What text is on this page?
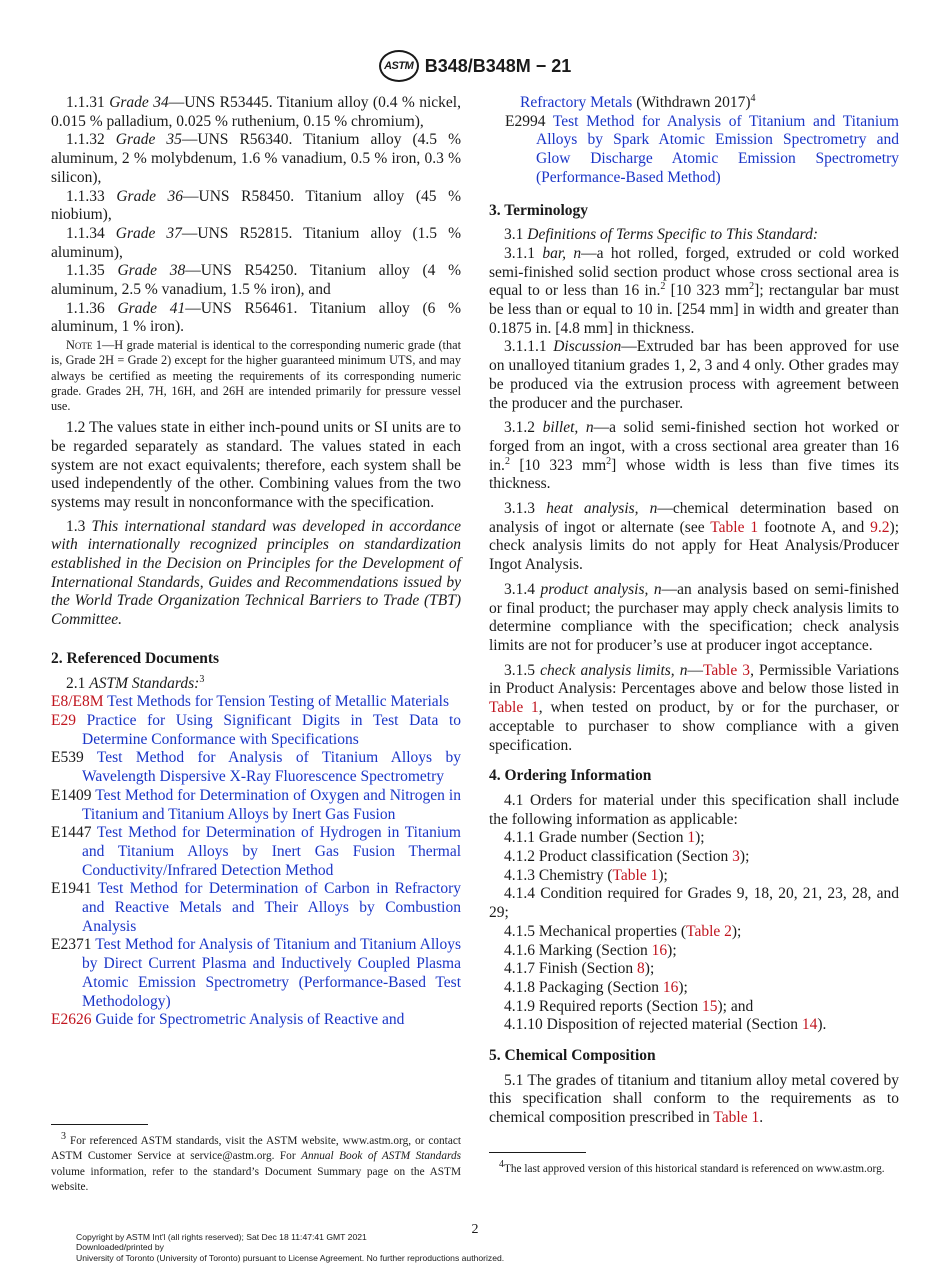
ASTM B348/B348M − 21

1.1.31 Grade 34—UNS R53445. Titanium alloy (0.4 % nickel, 0.015 % palladium, 0.025 % ruthenium, 0.15 % chromium),

1.1.32 Grade 35—UNS R56340. Titanium alloy (4.5 % aluminum, 2 % molybdenum, 1.6 % vanadium, 0.5 % iron, 0.3 % silicon),

1.1.33 Grade 36—UNS R58450. Titanium alloy (45 % niobium),

1.1.34 Grade 37—UNS R52815. Titanium alloy (1.5 % aluminum),

1.1.35 Grade 38—UNS R54250. Titanium alloy (4 % aluminum, 2.5 % vanadium, 1.5 % iron), and

1.1.36 Grade 41—UNS R56461. Titanium alloy (6 % aluminum, 1 % iron).

Note 1—H grade material is identical to the corresponding numeric grade (that is, Grade 2H = Grade 2) except for the higher guaranteed minimum UTS, and may always be certified as meeting the requirements of its corresponding numeric grade. Grades 2H, 7H, 16H, and 26H are intended primarily for pressure vessel use.

1.2 The values state in either inch-pound units or SI units are to be regarded separately as standard. The values stated in each system are not exact equivalents; therefore, each system shall be used independently of the other. Combining values from the two systems may result in nonconformance with the specification.

1.3 This international standard was developed in accordance with internationally recognized principles on standardization established in the Decision on Principles for the Development of International Standards, Guides and Recommendations issued by the World Trade Organization Technical Barriers to Trade (TBT) Committee.

2. Referenced Documents

2.1 ASTM Standards:$^3$

E8/E8M Test Methods for Tension Testing of Metallic Materials

E29 Practice for Using Significant Digits in Test Data to Determine Conformance with Specifications

E539 Test Method for Analysis of Titanium Alloys by Wavelength Dispersive X-Ray Fluorescence Spectrometry

E1409 Test Method for Determination of Oxygen and Nitrogen in Titanium and Titanium Alloys by Inert Gas Fusion

E1447 Test Method for Determination of Hydrogen in Titanium and Titanium Alloys by Inert Gas Fusion Thermal Conductivity/Infrared Detection Method

E1941 Test Method for Determination of Carbon in Refractory and Reactive Metals and Their Alloys by Combustion Analysis

E2371 Test Method for Analysis of Titanium and Titanium Alloys by Direct Current Plasma and Inductively Coupled Plasma Atomic Emission Spectrometry (Performance-Based Test Methodology)

E2626 Guide for Spectrometric Analysis of Reactive and

$^3$ For referenced ASTM standards, visit the ASTM website, www.astm.org, or contact ASTM Customer Service at service@astm.org. For Annual Book of ASTM Standards volume information, refer to the standard’s Document Summary page on the ASTM website.

Refractory Metals (Withdrawn 2017)$^4$

E2994 Test Method for Analysis of Titanium and Titanium Alloys by Spark Atomic Emission Spectrometry and Glow Discharge Atomic Emission Spectrometry (Performance-Based Method)

3. Terminology

3.1 Definitions of Terms Specific to This Standard:

3.1.1 bar, n—a hot rolled, forged, extruded or cold worked semi-finished solid section product whose cross sectional area is equal to or less than 16 in.$^2$ [10 323 $mm^2$]; rectangular bar must be less than or equal to 10 in. [254 mm] in width and greater than 0.1875 in. [4.8 mm] in thickness.

3.1.1.1 Discussion—Extruded bar has been approved for use on unalloyed titanium grades 1, 2, 3 and 4 only. Other grades may be produced via the extrusion process with agreement between the producer and the purchaser.

3.1.2 billet, n—a solid semi-finished section hot worked or forged from an ingot, with a cross sectional area greater than 16 in.$^2$ [10 323 $mm^2$] whose width is less than five times its thickness.

3.1.3 heat analysis, n—chemical determination based on analysis of ingot or alternate (see Table 1 footnote A, and 9.2); check analysis limits do not apply for Heat Analysis/Producer Ingot Analysis.

3.1.4 product analysis, n—an analysis based on semi-finished or final product; the purchaser may apply check analysis limits to determine compliance with the specification; check analysis limits are not for producer’s use at producer ingot acceptance.

3.1.5 check analysis limits, n—Table 3, Permissible Variations in Product Analysis: Percentages above and below those listed in Table 1, when tested on product, by or for the purchaser, or acceptable to purchaser to show compliance with a given specification.

4. Ordering Information

4.1 Orders for material under this specification shall include the following information as applicable:

4.1.1 Grade number (Section 1);

4.1.2 Product classification (Section 3);

4.1.3 Chemistry (Table 1);

4.1.4 Condition required for Grades 9, 18, 20, 21, 23, 28, and 29;

4.1.5 Mechanical properties (Table 2);

4.1.6 Marking (Section 16);

4.1.7 Finish (Section 8);

4.1.8 Packaging (Section 16);

4.1.9 Required reports (Section 15); and

4.1.10 Disposition of rejected material (Section 14).

5. Chemical Composition

5.1 The grades of titanium and titanium alloy metal covered by this specification shall conform to the requirements as to chemical composition prescribed in Table 1.

$^4$The last approved version of this historical standard is referenced on www.astm.org.

2
Copyright by ASTM Int'l (all rights reserved); Sat Dec 18 11:47:41 GMT 2021
Downloaded/printed by
University of Toronto (University of Toronto) pursuant to License Agreement. No further reproductions authorized.
